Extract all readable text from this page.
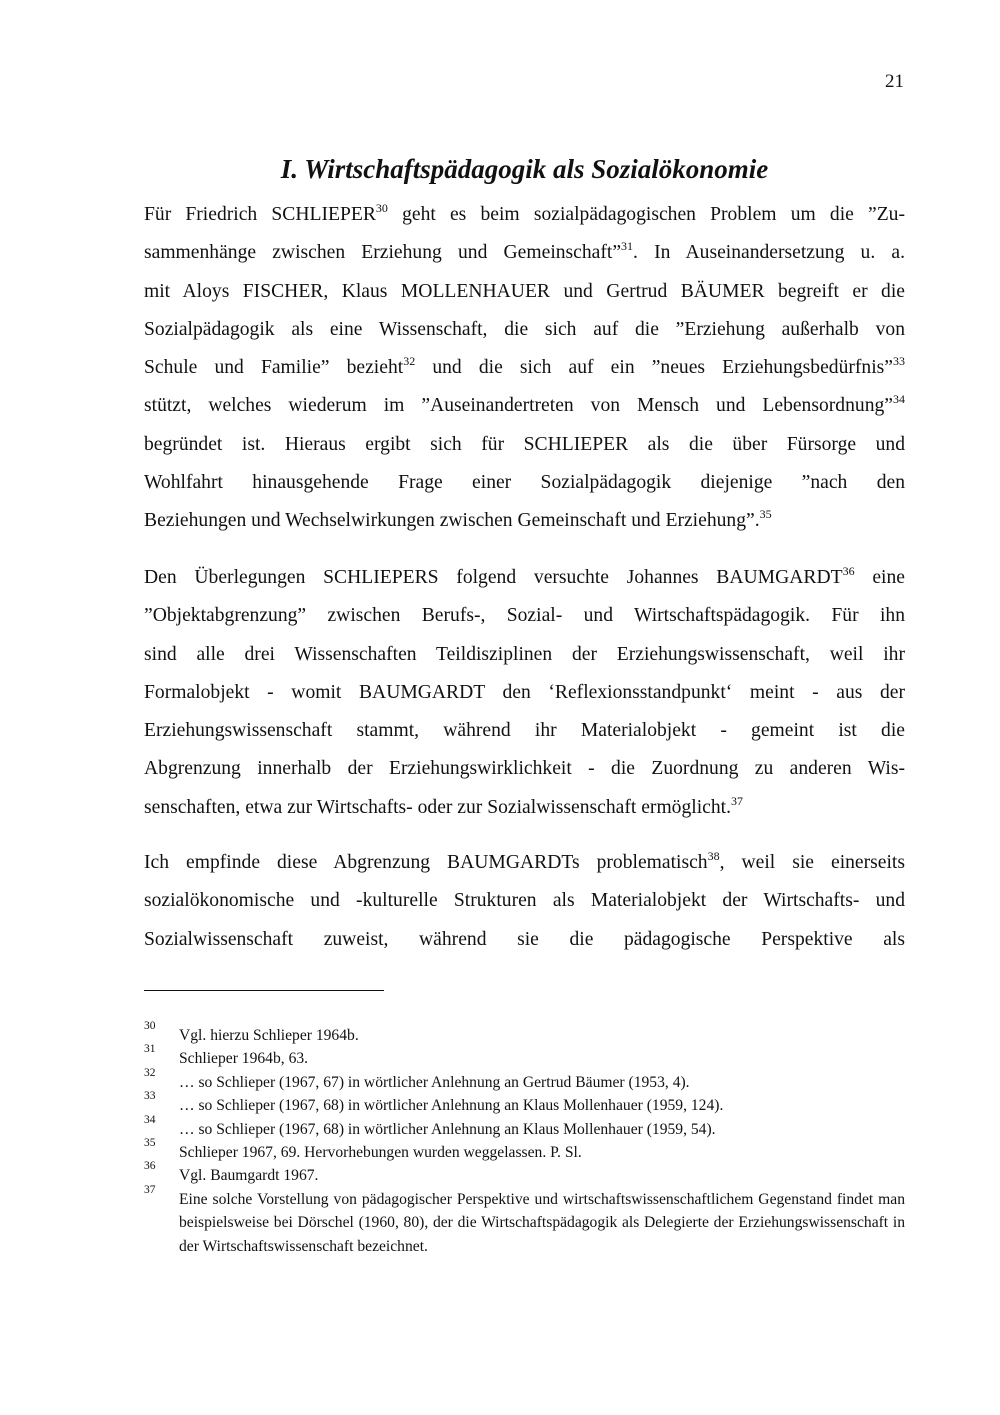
21
I. Wirtschaftspädagogik als Sozialökonomie
Für Friedrich SCHLIEPER$^{30}$ geht es beim sozialpädagogischen Problem um die ”Zu-
sammenhänge zwischen Erziehung und Gemeinschaft”$^{31}$. In Auseinandersetzung u. a.
mit Aloys FISCHER, Klaus MOLLENHAUER und Gertrud BÄUMER begreift er die
Sozialpädagogik als eine Wissenschaft, die sich auf die ”Erziehung außerhalb von
Schule und Familie” bezieht$^{32}$ und die sich auf ein ”neues Erziehungsbedürfnis”$^{33}$
stützt, welches wiederum im ”Auseinandertreten von Mensch und Lebensordnung”$^{34}$
begründet ist. Hieraus ergibt sich für SCHLIEPER als die über Fürsorge und
Wohlfahrt hinausgehende Frage einer Sozialpädagogik diejenige ”nach den
Beziehungen und Wechselwirkungen zwischen Gemeinschaft und Erziehung”.$^{35}$
Den Überlegungen SCHLIEPERS folgend versuchte Johannes BAUMGARDT$^{36}$ eine
”Objektabgrenzung” zwischen Berufs-, Sozial- und Wirtschaftspädagogik. Für ihn
sind alle drei Wissenschaften Teildisziplinen der Erziehungswissenschaft, weil ihr
Formalobjekt - womit BAUMGARDT den ‘Reflexionsstandpunkt‘ meint - aus der
Erziehungswissenschaft stammt, während ihr Materialobjekt - gemeint ist die
Abgrenzung innerhalb der Erziehungswirklichkeit - die Zuordnung zu anderen Wis-
senschaften, etwa zur Wirtschafts- oder zur Sozialwissenschaft ermöglicht.$^{37}$
Ich empfinde diese Abgrenzung BAUMGARDTs problematisch$^{38}$, weil sie einerseits
sozialökonomische und -kulturelle Strukturen als Materialobjekt der Wirtschafts- und
Sozialwissenschaft zuweist, während sie die pädagogische Perspektive als
30
Vgl. hierzu Schlieper 1964b.
31
Schlieper 1964b, 63.
32
… so Schlieper (1967, 67) in wörtlicher Anlehnung an Gertrud Bäumer (1953, 4).
33
… so Schlieper (1967, 68) in wörtlicher Anlehnung an Klaus Mollenhauer (1959, 124).
34
… so Schlieper (1967, 68) in wörtlicher Anlehnung an Klaus Mollenhauer (1959, 54).
35
Schlieper 1967, 69. Hervorhebungen wurden weggelassen. P. Sl.
36
Vgl. Baumgardt 1967.
37
Eine solche Vorstellung von pädagogischer Perspektive und wirtschaftswissenschaftlichem Gegenstand findet man beispielsweise bei Dörschel (1960, 80), der die Wirtschaftspädagogik als Delegierte der Erziehungswissenschaft in der Wirtschaftswissenschaft bezeichnet.
